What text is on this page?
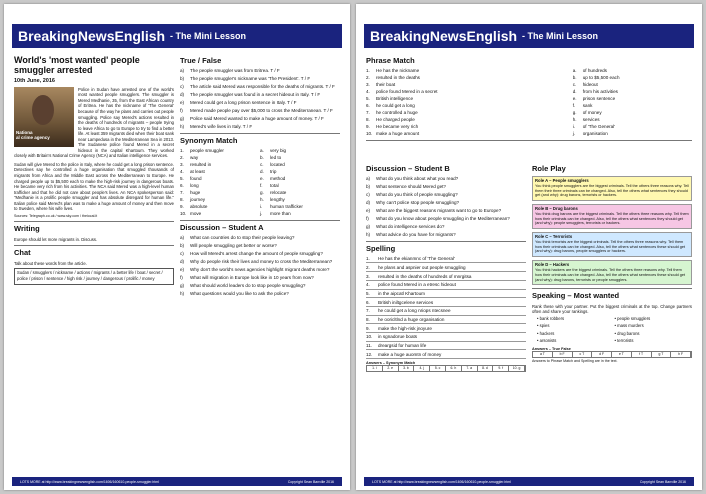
BreakingNewsEnglish - The Mini Lesson
World's 'most wanted' people smuggler arrested
10th June, 2016
Nationa
al crime agency

Police in Sudan have arrested one of the world's most wanted people smugglers. The smuggler is Mered Medhanie, 35, from the East African country of Eritrea. He has the nickname of 'The General' because of the way he plans and carries out people smuggling. Police say Mered's actions resulted in the deaths of hundreds of migrants – people trying to leave Africa to go to Europe to try to find a better life. At least 359 migrants died when their boat sank near Lampedusa in the Mediterranean Sea in 2013. The Sudanese police found Mered in a secret hideout in the capital Khartoum. They worked closely with Britain's National Crime Agency (NCA) and Italian intelligence services.

Sudan will give Mered to the police in Italy, where he could get a long prison sentence. Detectives say he controlled a huge organisation that smuggled thousands of migrants from Africa and the Middle East across the Mediterranean to Europe. He charged people up to $5,500 each to make the high-risk journey in dangerous boats. He became very rich from his activities. The NCA said Mered was a high-level human trafficker and that he did not care about people's lives. An NCA spokesperson said: "Medhanie is a prolific people smuggler and has absolute disregard for human life." Italian police said Mered's plan was to make a huge amount of money and then move to Sweden, where his wife lives.

Sources: Telegraph.co.uk / www.sky.com / theiocal.it
Writing
Europe should let more migrants in. Discuss.
Chat
Talk about these words from the article.
Sudan / smugglers / nickname / actions / migrants / a better life / boat / secret / police / prison / sentence / high risk / journey / dangerous / prolific / money
True / False
a)	The people smuggler was from Eritrea. T / F
b)	The people smuggler's nickname was 'The President'. T / F
c)	The article said Mered was responsible for the deaths of migrants. T / F
d)	The people smuggler was found in a secret hideout in Italy. T / F
e)	Mered could get a long prison sentence in Italy. T / F
f)	Mered made people pay over $5,000 to cross the Mediterranean. T / F
g)	Police said Mered wanted to make a huge amount of money. T / F
h)	Mered's wife lives in Italy. T / F
Synonym Match
1.	people smuggler	a.	very big
2.	way	b.	led to
3.	resulted in	c.	located
4.	at least	d.	trip
5.	found	e.	method
6.	long	f.	total
7.	huge	g.	relocate
8.	journey	h.	lengthy
9.	absolute	i.	human trafficker
10. move	j.	more than
Discussion – Student A
a)	What can countries do to stop their people leaving?
b)	Will people smuggling get better or worse?
c)	How will Mered's arrest change the amount of people smuggling?
d)	Why do people risk their lives and money to cross the Mediterranean?
e)	Why don't the world's news agencies highlight migrant deaths more?
f)	What will migration in Europe look like in 10 years from now?
g)	What should world leaders do to stop people smuggling?
h)	What questions would you like to ask the police?
LOTS MORE at http://www.breakingnewsenglish.com/1606/160610-people-smuggler.html	Copyright Sean Banville 2016
BreakingNewsEnglish - The Mini Lesson
Phrase Match
1.	He has the nickname	a.	of hundreds
2.	resulted in the deaths	b.	up to $5,500 each
3.	their boat	c.	hideout
4.	police found Mered in a secret	d.	from his activities
5.	British intelligence	e.	prison sentence
6.	he could get a long	f.	sank
7.	he controlled a huge	g.	of money
8.	He charged people	h.	services
9.	He became very rich	i.	of 'The General'
10. make a huge amount	j.	organisation
Discussion – Student B
a)	What do you think about what you read?
b)	What sentence should Mered get?
c)	What do you think of people smuggling?
d)	Why can't police stop people smuggling?
e)	What are the biggest reasons migrants want to go to Europe?
f)	What do you know about people smuggling in the Mediterranean?
g)	What do intelligence services do?
h)	What advice do you have for migrants?
Spelling
1.	He has the ekianmnc of 'The General'
2.	he plans and aspnier out people smuggling
3.	resulted in the deaths of hundreds of mnrgitsa
4.	police found Mered in a etresc hideout
5.	in the aipcatl Khartoum
6.	British iniltgcelene services
7.	he could get a long nriops ntecsnee
8.	he ooricltlnd a huge organisation
9.	make the high-risk jnoyure
10.	in sgnadorue boats
11.	dreargsid for human life
12.	make a huge auomtn of money
Answers – Synonym Match
1. i	2. e	3. b	4. j	5. c	6. h	7. a	8. d	9. f	10. g
Role Play
Role A – People smugglers
You think people smugglers are the biggest criminals. Tell the others three reasons why. Tell them their three criminals can be changed. Also, tell the others what sentences they should get (and why): drug barons, terrorists or hackers.
Role B – Drug barons
You think drug barons are the biggest criminals. Tell the others three reasons why. Tell them how their criminals can be changed. Also, tell the others what sentences they should get (and why): people smugglers, terrorists or hackers.
Role C – Terrorists
You think terrorists are the biggest criminals. Tell the others three reasons why. Tell them how their criminals can be changed. Also, tell the others what sentences these should get (and why): drug barons, people smugglers or hackers.
Role D – Hackers
You think hackers are the biggest criminals. Tell the others three reasons why. Tell them how their criminals can be changed. Also, tell the others what sentences these should get (and why): drug barons, terrorists or people smugglers.
Speaking – Most wanted
Rank these with your partner. Put the biggest criminals at the top. Change partners often and share your rankings.
• bank robbers	• people smugglers
• spies	• mass murders
• hackers	• drug barons
• arsonists	• terrorists
Answers – True False
a T	b F	c T	d F	e T	f T	g T	h F
Answers to Phrase Match and Spelling are in the text.
LOTS MORE at http://www.breakingnewsenglish.com/1606/160610-people-smuggler.html	Copyright Sean Banville 2016
